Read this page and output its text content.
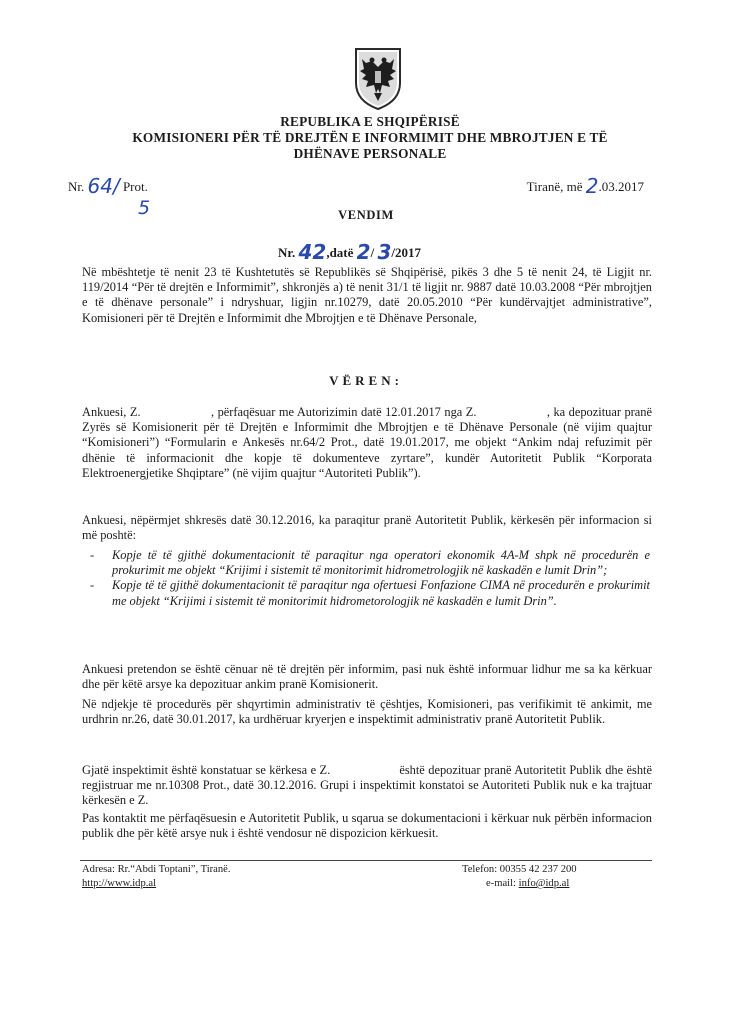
REPUBLIKA E SHQIPËRISË
KOMISIONERI PËR TË DREJTËN E INFORMIMIT DHE MBROJTJEN E TË
DHËNAVE PERSONALE
Nr. 64/ Prot.
5
Tiranë, më 2.03.2017
VENDIM
Nr. 42,datë 2/ 3/2017
Në mbështetje të nenit 23 të Kushtetutës së Republikës së Shqipërisë, pikës 3 dhe 5 të nenit 24, të Ligjit nr. 119/2014 “Për të drejtën e Informimit”, shkronjës a) të nenit 31/1 të ligjit nr. 9887 datë 10.03.2008 “Për mbrojtjen e të dhënave personale” i ndryshuar, ligjin nr.10279, datë 20.05.2010 “Për kundërvajtjet administrative”, Komisioneri për të Drejtën e Informimit dhe Mbrojtjen e të Dhënave Personale,
VËREN:
Ankuesi, Z.                    , përfaqësuar me Autorizimin datë 12.01.2017 nga Z.                    , ka depozituar pranë Zyrës së Komisionerit për të Drejtën e Informimit dhe Mbrojtjen e të Dhënave Personale (në vijim quajtur “Komisioneri”) “Formularin e Ankesës nr.64/2 Prot., datë 19.01.2017, me objekt “Ankim ndaj refuzimit për dhënie të informacionit dhe kopje të dokumenteve zyrtare”, kundër Autoritetit Publik “Korporata Elektroenergjetike Shqiptare” (në vijim quajtur “Autoriteti Publik”).
Ankuesi, nëpërmjet shkresës datë 30.12.2016, ka paraqitur pranë Autoritetit Publik, kërkesën për informacion si më poshtë:
- Kopje të të gjithë dokumentacionit të paraqitur nga operatori ekonomik 4A-M shpk në procedurën e prokurimit me objekt “Krijimi i sistemit të monitorimit hidrometrologjik në kaskadën e lumit Drin”;
- Kopje të të gjithë dokumentacionit të paraqitur nga ofertuesi Fonfazione CIMA në procedurën e prokurimit me objekt “Krijimi i sistemit të monitorimit hidrometorologjik në kaskadën e lumit Drin”.
Ankuesi pretendon se është cënuar në të drejtën për informim, pasi nuk është informuar lidhur me sa ka kërkuar dhe për këtë arsye ka depozituar ankim pranë Komisionerit.
Në ndjekje të procedurës për shqyrtimin administrativ të çështjes, Komisioneri, pas verifikimit të ankimit, me urdhrin nr.26, datë 30.01.2017, ka urdhëruar kryerjen e inspektimit administrativ pranë Autoritetit Publik.
Gjatë inspektimit është konstatuar se kërkesa e Z.                    është depozituar pranë Autoritetit Publik dhe është regjistruar me nr.10308 Prot., datë 30.12.2016. Grupi i inspektimit konstatoi se Autoriteti Publik nuk e ka trajtuar kërkesën e Z.
Pas kontaktit me përfaqësuesin e Autoritetit Publik, u sqarua se dokumentacioni i kërkuar nuk përbën informacion publik dhe për këtë arsye nuk i është vendosur në dispozicion kërkuesit.
Adresa: Rr.“Abdi Toptani”, Tiranë.
http://www.idp.al
Telefon: 00355 42 237 200
e-mail: info@idp.al
